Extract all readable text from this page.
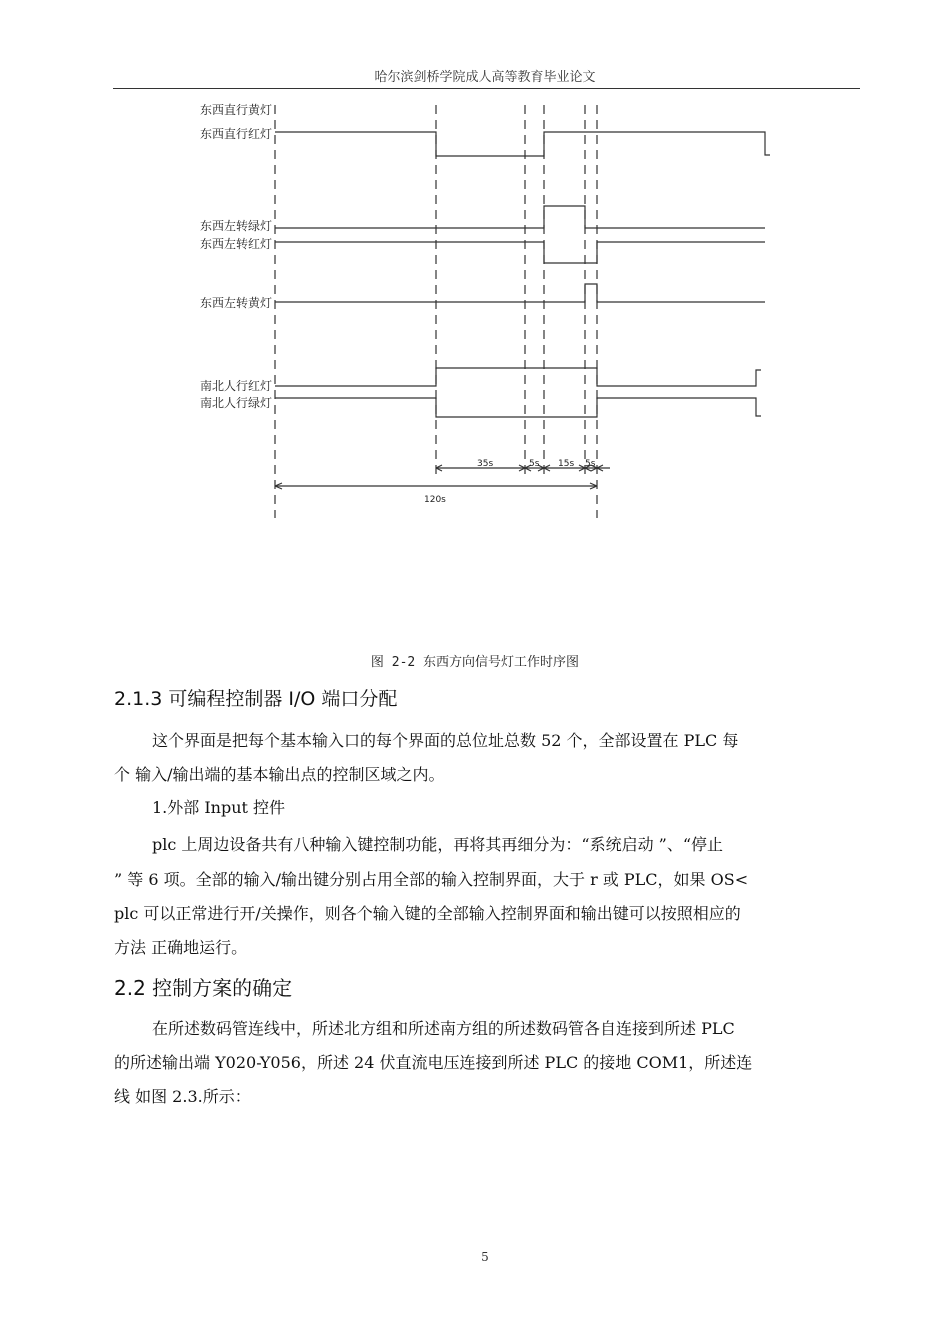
哈尔滨剑桥学院成人高等教育毕业论文
东西直行黄灯
东西直行红灯
东西左转绿灯
东西左转红灯
东西左转黄灯
南北人行红灯
南北人行绿灯
35s	5s 15s 5s
120s
图 2-2 东西方向信号灯工作时序图
2.1.3 可编程控制器 I/O 端口分配
这个界面是把每个基本输入口的每个界面的总位址总数 52 个，全部设置在 PLC 每
个 输入/输出端的基本输出点的控制区域之内。
1.外部 Input 控件
plc 上周边设备共有八种输入键控制功能，再将其再细分为：“系统启动 ”、“停止
” 等 6 项。全部的输入/输出键分别占用全部的输入控制界面，大于 r 或 PLC，如果 OS<
plc 可以正常进行开/关操作，则各个输入键的全部输入控制界面和输出键可以按照相应的
方法 正确地运行。
2.2 控制方案的确定
在所述数码管连线中，所述北方组和所述南方组的所述数码管各自连接到所述 PLC
的所述输出端 Y020-Y056，所述 24 伏直流电压连接到所述 PLC 的接地 COM1，所述连
线 如图 2.3.所示：
5
